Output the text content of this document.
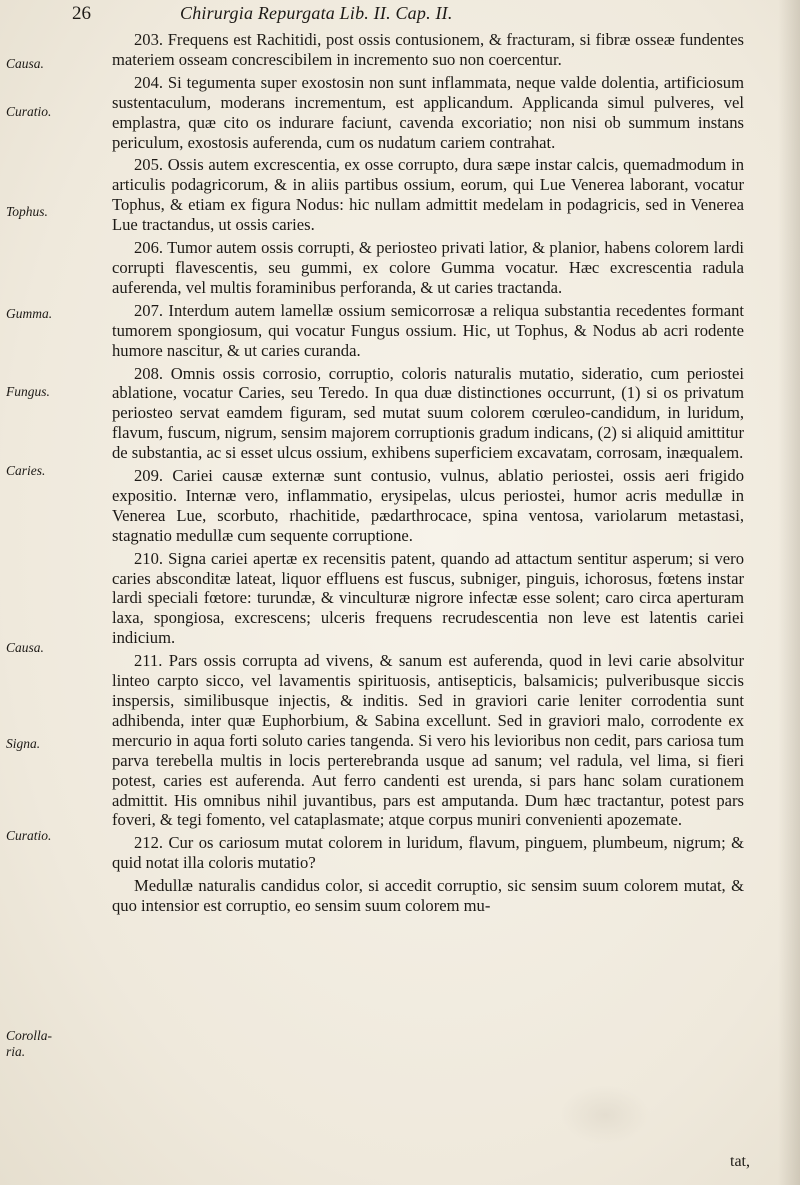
26	Chirurgia Repurgata Lib. II. Cap. II.
Causa.
Curatio.
Tophus.
Gumma.
Fungus.
Caries.
Causa.
Signa.
Curatio.
Corolla-ria.

203. Frequens est Rachitidi, post ossis contusionem, & fracturam, si fibræ osseæ fundentes materiem osseam concrescibilem in incremento suo non coercentur.

204. Si tegumenta super exostosin non sunt inflammata, neque valde dolentia, artificiosum sustentaculum, moderans incrementum, est applicandum. Applicanda simul pulveres, vel emplastra, quæ cito os indurare faciunt, cavenda excoriatio; non nisi ob summum instans periculum, exostosis auferenda, cum os nudatum cariem contrahat.

205. Ossis autem excrescentia, ex osse corrupto, dura sæpe instar calcis, quemadmodum in articulis podagricorum, & in aliis partibus ossium, eorum, qui Lue Venerea laborant, vocatur Tophus, & etiam ex figura Nodus: hic nullam admittit medelam in podagricis, sed in Venerea Lue tractandus, ut ossis caries.

206. Tumor autem ossis corrupti, & periosteo privati latior, & planior, habens colorem lardi corrupti flavescentis, seu gummi, ex colore Gumma vocatur. Hæc excrescentia radula auferenda, vel multis foraminibus perforanda, & ut caries tractanda.

207. Interdum autem lamellæ ossium semicorrosæ a reliqua substantia recedentes formant tumorem spongiosum, qui vocatur Fungus ossium. Hic, ut Tophus, & Nodus ab acri rodente humore nascitur, & ut caries curanda.

208. Omnis ossis corrosio, corruptio, coloris naturalis mutatio, sideratio, cum periostei ablatione, vocatur Caries, seu Teredo. In qua duæ distinctiones occurrunt, (1) si os privatum periosteo servat eamdem figuram, sed mutat suum colorem cœruleo-candidum, in luridum, flavum, fuscum, nigrum, sensim majorem corruptionis gradum indicans, (2) si aliquid amittitur de substantia, ac si esset ulcus ossium, exhibens superficiem excavatam, corrosam, inæqualem.

209. Cariei causæ externæ sunt contusio, vulnus, ablatio periostei, ossis aeri frigido expositio. Internæ vero, inflammatio, erysipelas, ulcus periostei, humor acris medullæ in Venerea Lue, scorbuto, rhachitide, pædarthrocace, spina ventosa, variolarum metastasi, stagnatio medullæ cum sequente corruptione.

210. Signa cariei apertæ ex recensitis patent, quando ad attactum sentitur asperum; si vero caries absconditæ lateat, liquor effluens est fuscus, subniger, pinguis, ichorosus, fœtens instar lardi speciali fœtore: turundæ, & vinculturæ nigrore infectæ esse solent; caro circa aperturam laxa, spongiosa, excrescens; ulceris frequens recrudescentia non leve est latentis cariei indicium.

211. Pars ossis corrupta ad vivens, & sanum est auferenda, quod in levi carie absolvitur linteo carpto sicco, vel lavamentis spirituosis, antisepticis, balsamicis; pulveribusque siccis inspersis, similibusque injectis, & inditis. Sed in graviori carie leniter corrodentia sunt adhibenda, inter quæ Euphorbium, & Sabina excellunt. Sed in graviori malo, corrodente ex mercurio in aqua forti soluto caries tangenda. Si vero his levioribus non cedit, pars cariosa tum parva terebella multis in locis perterebranda usque ad sanum; vel radula, vel lima, si fieri potest, caries est auferenda. Aut ferro candenti est urenda, si pars hanc solam curationem admittit. His omnibus nihil juvantibus, pars est amputanda. Dum hæc tractantur, potest pars foveri, & tegi fomento, vel cataplasmate; atque corpus muniri convenienti apozemate.

212. Cur os cariosum mutat colorem in luridum, flavum, pinguem, plumbeum, nigrum; & quid notat illa coloris mutatio?

Medullæ naturalis candidus color, si accedit corruptio, sic sensim suum colorem mutat, & quo intensior est corruptio, eo sensim suum colorem mu-

tat,
